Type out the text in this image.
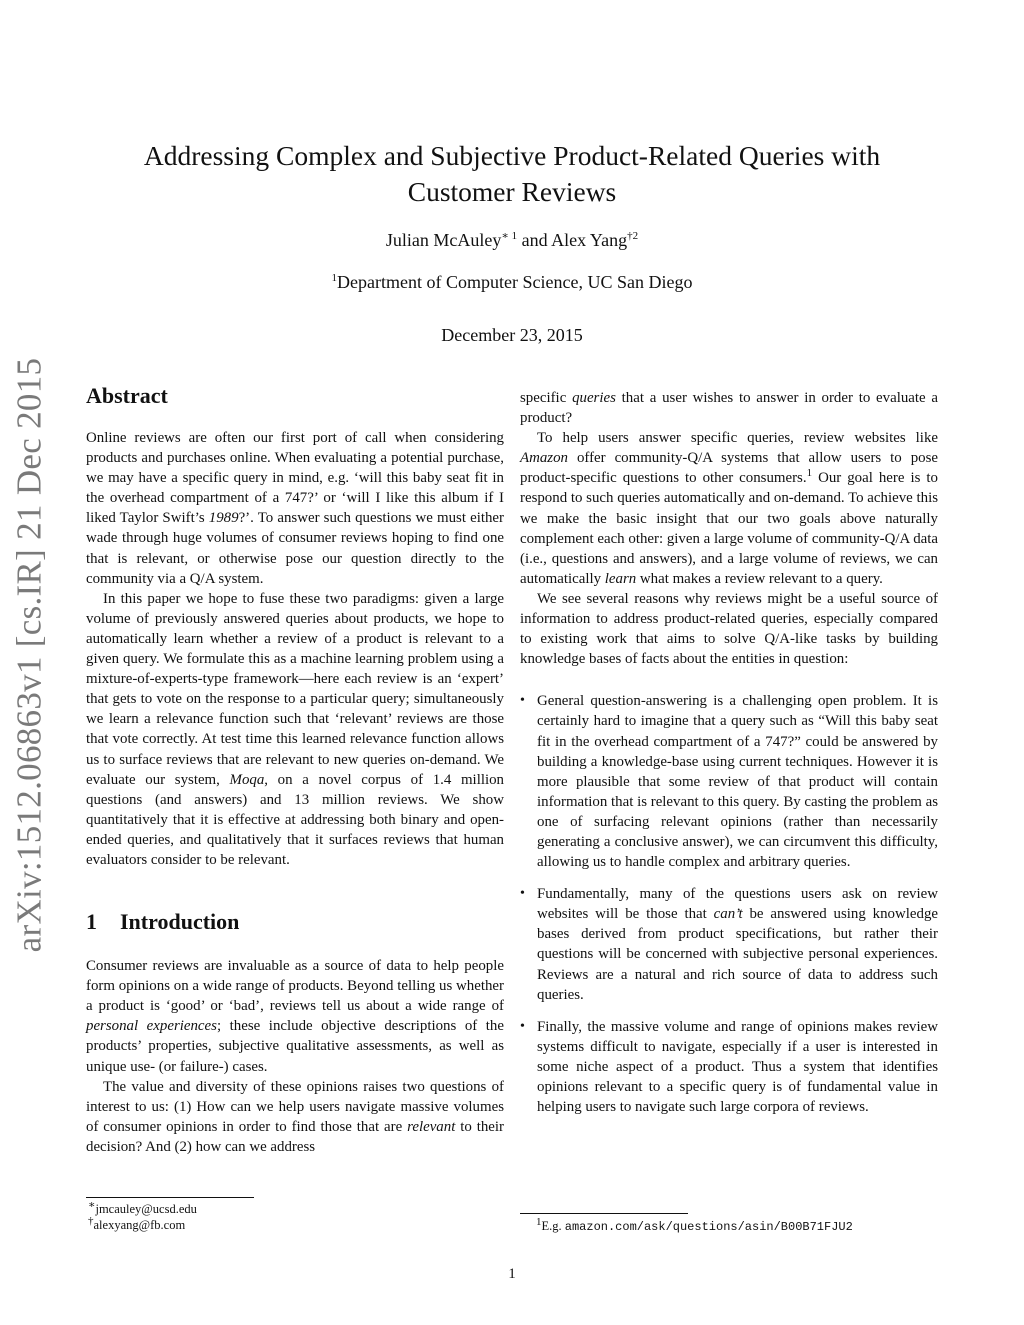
arXiv:1512.06863v1 [cs.IR] 21 Dec 2015
Addressing Complex and Subjective Product-Related Queries with
Customer Reviews
Julian McAuley$^{∗ 1}$ and Alex Yang$^{\dagger 2}$
$^1$Department of Computer Science, UC San Diego
December 23, 2015
Abstract

Online reviews are often our first port of call when considering products and purchases online. When evaluating a potential purchase, we may have a specific query in mind, e.g. ‘will this baby seat fit in the overhead compartment of a 747?’ or ‘will I like this album if I liked Taylor Swift’s 1989?’. To answer such questions we must either wade through huge volumes of consumer reviews hoping to find one that is relevant, or otherwise pose our question directly to the community via a Q/A system.

In this paper we hope to fuse these two paradigms: given a large volume of previously answered queries about products, we hope to automatically learn whether a review of a product is relevant to a given query. We formulate this as a machine learning problem using a mixture-of-experts-type framework—here each review is an ‘expert’ that gets to vote on the response to a particular query; simultaneously we learn a relevance function such that ‘relevant’ reviews are those that vote correctly. At test time this learned relevance function allows us to surface reviews that are relevant to new queries on-demand. We evaluate our system, Moqa, on a novel corpus of 1.4 million questions (and answers) and 13 million reviews. We show quantitatively that it is effective at addressing both binary and open-ended queries, and qualitatively that it surfaces reviews that human evaluators consider to be relevant.

1 Introduction

Consumer reviews are invaluable as a source of data to help people form opinions on a wide range of products. Beyond telling us whether a product is ‘good’ or ‘bad’, reviews tell us about a wide range of personal experiences; these include objective descriptions of the products’ properties, subjective qualitative assessments, as well as unique use- (or failure-) cases.

The value and diversity of these opinions raises two questions of interest to us: (1) How can we help users navigate massive volumes of consumer opinions in order to find those that are relevant to their decision? And (2) how can we address

specific queries that a user wishes to answer in order to evaluate a product?

To help users answer specific queries, review websites like Amazon offer community-Q/A systems that allow users to pose product-specific questions to other consumers.$^1$ Our goal here is to respond to such queries automatically and on-demand. To achieve this we make the basic insight that our two goals above naturally complement each other: given a large volume of community-Q/A data (i.e., questions and answers), and a large volume of reviews, we can automatically learn what makes a review relevant to a query.

We see several reasons why reviews might be a useful source of information to address product-related queries, especially compared to existing work that aims to solve Q/A-like tasks by building knowledge bases of facts about the entities in question:

• General question-answering is a challenging open problem. It is certainly hard to imagine that a query such as “Will this baby seat fit in the overhead compartment of a 747?” could be answered by building a knowledge-base using current techniques. However it is more plausible that some review of that product will contain information that is relevant to this query. By casting the problem as one of surfacing relevant opinions (rather than necessarily generating a conclusive answer), we can circumvent this difficulty, allowing us to handle complex and arbitrary queries.
• Fundamentally, many of the questions users ask on review websites will be those that can’t be answered using knowledge bases derived from product specifications, but rather their questions will be concerned with subjective personal experiences. Reviews are a natural and rich source of data to address such queries.
• Finally, the massive volume and range of opinions makes review systems difficult to navigate, especially if a user is interested in some niche aspect of a product. Thus a system that identifies opinions relevant to a specific query is of fundamental value in helping users to navigate such large corpora of reviews.
∗jmcauley@ucsd.edu
†alexyang@fb.com	$^1$E.g. amazon.com/ask/questions/asin/B00B71FJU2
1
